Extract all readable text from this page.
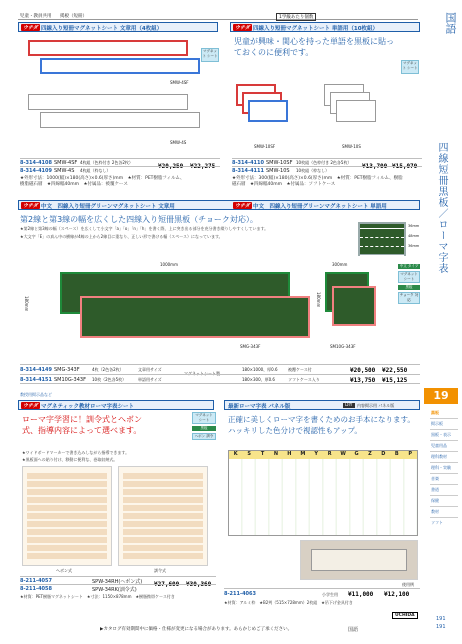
児童・教員共用 掲板（短冊）	1学級あたり個数	国語
四線短冊黒板／ローマ字表
19
黒板
掲示板
黒板・表示
児童用品
理科教材
理科・実験
音楽
書道
保健
教材
ソフト
ウチダ 四線入り短冊マグネットシート 文章用（4枚組）
SMW-4SF
SMW-4S
マグネット シート
8-314-4108 SMW-4SF 4枚組（色枠付き 2色各2枚）
¥20,250 ¥22,275
8-314-4109 SMW-4S 4枚組（枠なし）
★外形寸法：1000(幅)×180(高さ)×0.6(厚さ)mm　★材質：PET樹脂フィルム、
樹脂磁石層　★四線幅40mm　★付属品：被覆ケース
ウチダ 四線入り短冊マグネットシート 単語用（10枚組）
児童が興味・関心を持った単語を黒板に貼っておくのに便利です。
マグネット シート
SMW-10SF	SMW-10S
8-314-4110 SMW-10SF 10枚組（色枠付き 2色各5枚）
¥13,700 ¥15,070
8-314-4111 SMW-10S 10枚組（枠なし）
★外形寸法：300(幅)×180(高さ)×0.6(厚さ)mm　★材質：PET樹脂フィルム、樹脂
磁石層　★四線幅40mm　★付属品：ソフトケース
ウチダ 中文　四線入り短冊グリーンマグネットシート 文章用	ウチダ 中文　四線入り短冊グリーンマグネットシート 単語用
第2線と第3線の幅を広くした四線入り短冊黒板（チョーク対応）。
★第2線と第3線の幅（スペース）を広くして小文字「a」「o」「n」「h」を書く際、上に突き出る部分を充分書き綴りしやすくしています。
★大文字「E」の真ん中の横線が4線の上から2線目に重なり、正しい形で書ける幅（スペース）になっています。
36mm
48mm
36mm
1000mm
180mm
SMG-343F
300mm
180mm
SM10G-343F
中文 タイプ
マグネット シート
黒板
チョーク 対応
8-314-4149 SMG-343F	4枚（2色各2枚）	文章用サイズ
マグネットシート製
180×1000、厚0.6	被覆ケース付	¥20,500 ¥22,550
8-314-4151 SM10G-343F 10枚（2色各5枚）	単語用サイズ	180×300、厚0.6	ソフトケース入り	¥13,750 ¥15,125
教授用掲示品など
ウチダ マグネティック教材ローマ字表シート
ローマ字学習に！訓令式とヘボン式、指導内容によって選べます。
マグネット シート
黒板
ヘボン 訓令
★ワイドボードマーカーで書き込みしながら指導できます。
★黒板面への貼り付け、移動に便利な、巻取収納式。
ヘボン式	訓令式
8-211-4057	SPW-34RH(ヘボン式) ¥27,600 ¥30,360
8-211-4058	SPW-34RK(訓令式)
★材質：PET樹脂マグネットシート　★寸法：1150×878mm　★樹脂携帯ケース付き
最新ローマ字表 パネル版	DIY	内容掲示用 パネル版
正確に美しくローマ字を書くためのお手本になります。ハッキリした色分けで視認性もアップ。
K	S	T	N	H	M	Y	R	W	G	Z	D	B	P
使用例
8-211-4063	小学生用 ¥11,000 ¥12,100
★材質：アルミ枠　★B2判（515×728mm）2枚組　★吊下げ金具付き
▶カタログ有効期間中に価格・仕様が変更になる場合があります。あらかじめご了承ください。	国語
UCHIDA
191
191
